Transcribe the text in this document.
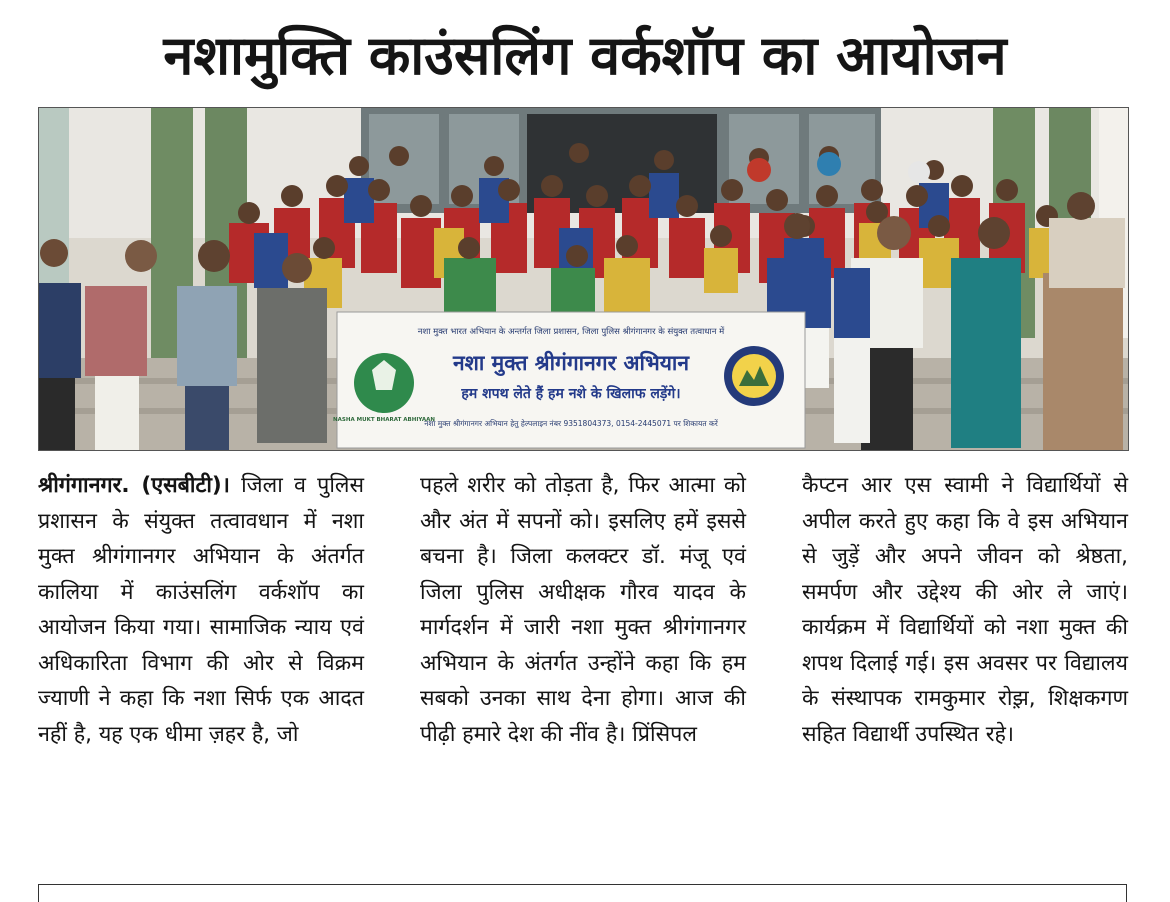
नशामुक्ति काउंसलिंग वर्कशॉप का आयोजन
नशा मुक्त भारत अभियान के अन्तर्गत जिला प्रशासन, जिला पुलिस श्रीगंगानगर के संयुक्त तत्वाधान में
NASHA MUKT BHARAT ABHIYAAN
नशा मुक्त श्रीगंगानगर अभियान
हम शपथ लेते हैं हम नशे के खिलाफ लड़ेंगे।
नशा मुक्त श्रीगंगानगर अभियान हेतु हेल्पलाइन नंबर 9351804373, 0154-2445071 पर शिकायत करें

श्रीगंगानगर. (एसबीटी)। जिला व पुलिस प्रशासन के संयुक्त तत्वावधान में नशा मुक्त श्रीगंगानगर अभियान के अंतर्गत कालिया में काउंसलिंग वर्कशॉप का आयोजन किया गया। सामाजिक न्याय एवं अधिकारिता विभाग की ओर से विक्रम ज्याणी ने कहा कि नशा सिर्फ एक आदत नहीं है, यह एक धीमा ज़हर है, जो

पहले शरीर को तोड़ता है, फिर आत्मा को और अंत में सपनों को। इसलिए हमें इससे बचना है। जिला कलक्टर डॉ. मंजू एवं जिला पुलिस अधीक्षक गौरव यादव के मार्गदर्शन में जारी नशा मुक्त श्रीगंगानगर अभियान के अंतर्गत उन्होंने कहा कि हम सबको उनका साथ देना होगा। आज की पीढ़ी हमारे देश की नींव है। प्रिंसिपल

कैप्टन आर एस स्वामी ने विद्यार्थियों से अपील करते हुए कहा कि वे इस अभियान से जुड़ें और अपने जीवन को श्रेष्ठता, समर्पण और उद्देश्य की ओर ले जाएं। कार्यक्रम में विद्यार्थियों को नशा मुक्त की शपथ दिलाई गई। इस अवसर पर विद्यालय के संस्थापक रामकुमार रोझ़, शिक्षकगण सहित विद्यार्थी उपस्थित रहे।
